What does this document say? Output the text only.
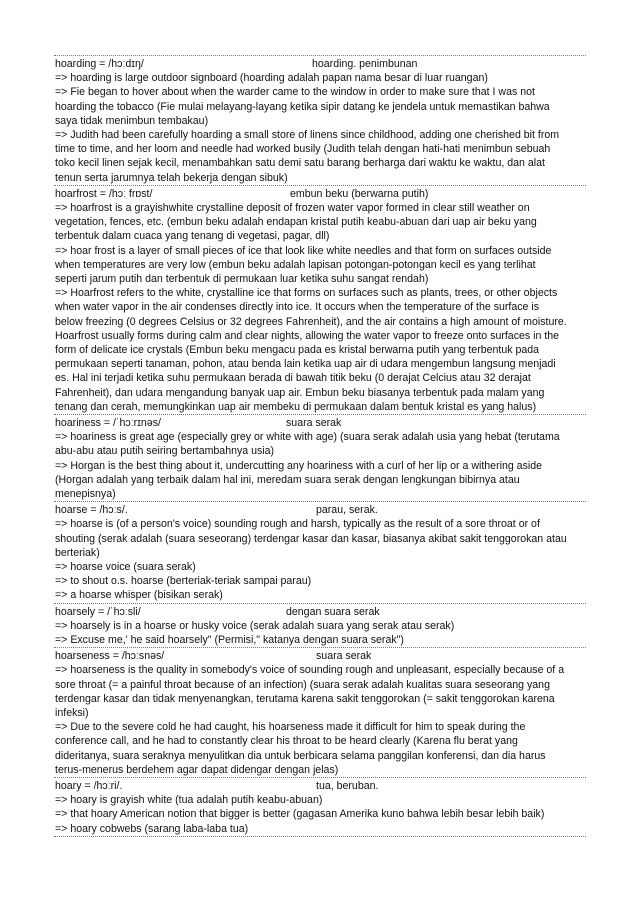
hoarding = /hɔːdɪŋ/	hoarding. penimbunan
=> hoarding is large outdoor signboard (hoarding adalah papan nama besar di luar ruangan)
=> Fie began to hover about when the warder came to the window in order to make sure that I was not
hoarding the tobacco (Fie mulai melayang-layang ketika sipir datang ke jendela untuk memastikan bahwa
saya tidak menimbun tembakau)
=> Judith had been carefully hoarding a small store of linens since childhood, adding one cherished bit from
time to time, and her loom and needle had worked busily (Judith telah dengan hati-hati menimbun sebuah
toko kecil linen sejak kecil, menambahkan satu demi satu barang berharga dari waktu ke waktu, dan alat
tenun serta jarumnya telah bekerja dengan sibuk)
hoarfrost = /hɔː frɒst/	embun beku (berwarna putih)
=> hoarfrost is a grayishwhite crystalline deposit of frozen water vapor formed in clear still weather on
vegetation, fences, etc. (embun beku adalah endapan kristal putih keabu-abuan dari uap air beku yang
terbentuk dalam cuaca yang tenang di vegetasi, pagar, dll)
=> hoar frost is a layer of small pieces of ice that look like white needles and that form on surfaces outside
when temperatures are very low (embun beku adalah lapisan potongan-potongan kecil es yang terlihat
seperti jarum putih dan terbentuk di permukaan luar ketika suhu sangat rendah)
=> Hoarfrost refers to the white, crystalline ice that forms on surfaces such as plants, trees, or other objects
when water vapor in the air condenses directly into ice. It occurs when the temperature of the surface is
below freezing (0 degrees Celsius or 32 degrees Fahrenheit), and the air contains a high amount of moisture.
Hoarfrost usually forms during calm and clear nights, allowing the water vapor to freeze onto surfaces in the
form of delicate ice crystals (Embun beku mengacu pada es kristal berwarna putih yang terbentuk pada
permukaan seperti tanaman, pohon, atau benda lain ketika uap air di udara mengembun langsung menjadi
es. Hal ini terjadi ketika suhu permukaan berada di bawah titik beku (0 derajat Celcius atau 32 derajat
Fahrenheit), dan udara mengandung banyak uap air. Embun beku biasanya terbentuk pada malam yang
tenang dan cerah, memungkinkan uap air membeku di permukaan dalam bentuk kristal es yang halus)
hoariness = /ˈhɔːrɪnəs/	suara serak
=> hoariness is great age (especially grey or white with age) (suara serak adalah usia yang hebat (terutama
abu-abu atau putih seiring bertambahnya usia)
=> Horgan is the best thing about it, undercutting any hoariness with a curl of her lip or a withering aside
(Horgan adalah yang terbaik dalam hal ini, meredam suara serak dengan lengkungan bibirnya atau
menepisnya)
hoarse = /hɔːs/.	parau, serak.
=> hoarse is (of a person's voice) sounding rough and harsh, typically as the result of a sore throat or of
shouting (serak adalah (suara seseorang) terdengar kasar dan kasar, biasanya akibat sakit tenggorokan atau
berteriak)
=> hoarse voice (suara serak)
=> to shout o.s. hoarse (berteriak-teriak sampai parau)
=> a hoarse whisper (bisikan serak)
hoarsely = /ˈhɔːsli/	dengan suara serak
=> hoarsely is in a hoarse or husky voice (serak adalah suara yang serak atau serak)
=> Excuse me,' he said hoarsely" (Permisi," katanya dengan suara serak")
hoarseness = /hɔːsnəs/	suara serak
=> hoarseness is the quality in somebody's voice of sounding rough and unpleasant, especially because of a
sore throat (= a painful throat because of an infection) (suara serak adalah kualitas suara seseorang yang
terdengar kasar dan tidak menyenangkan, terutama karena sakit tenggorokan (= sakit tenggorokan karena
infeksi)
=> Due to the severe cold he had caught, his hoarseness made it difficult for him to speak during the
conference call, and he had to constantly clear his throat to be heard clearly (Karena flu berat yang
dideritanya, suara seraknya menyulitkan dia untuk berbicara selama panggilan konferensi, dan dia harus
terus-menerus berdehem agar dapat didengar dengan jelas)
hoary = /hɔːri/.	tua, beruban.
=> hoary is grayish white (tua adalah putih keabu-abuan)
=> that hoary American notion that bigger is better (gagasan Amerika kuno bahwa lebih besar lebih baik)
=> hoary cobwebs (sarang laba-laba tua)
